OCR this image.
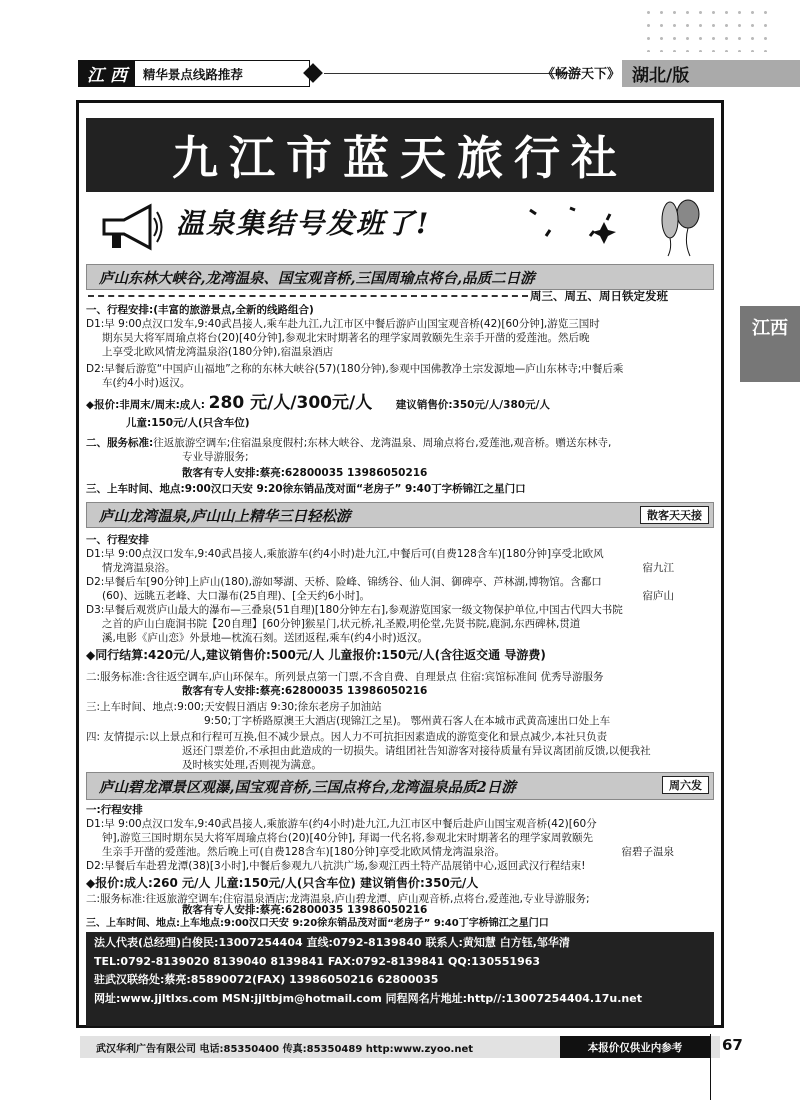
江 西	精华景点线路推荐	《畅游天下》 湖北/版
江西
九江市蓝天旅行社
温泉集结号发班了!
庐山东林大峡谷,龙湾温泉、国宝观音桥,三国周瑜点将台,品质二日游
周三、周五、周日铁定发班
一、行程安排:(丰富的旅游景点,全新的线路组合)
D1:早 9:00点汉口发车,9:40武昌接人,乘车赴九江,九江市区中餐后游庐山国宝观音桥(42)[60分钟],游览三国时
期东吴大将军周瑜点将台(20)[40分钟],参观北宋时期著名的理学家周敦颐先生亲手开凿的爱莲池。然后晚
上享受北欧风情龙湾温泉浴(180分钟),宿温泉酒店
D2:早餐后游览“中国庐山福地”之称的东林大峡谷(57)(180分钟),参观中国佛教净土宗发源地—庐山东林寺;中餐后乘
车(约4小时)返汉。
◆报价:非周末/周末:成人: 280 元/人/300元/人 建议销售价:350元/人/380元/人
儿童:150元/人(只含车位)
二、服务标准:往返旅游空调车;住宿温泉度假村;东林大峡谷、龙湾温泉、周瑜点将台,爱莲池,观音桥。赠送东林寺,
专业导游服务;
散客有专人安排:蔡亮:62800035 13986050216
三、上车时间、地点:9:00汉口天安 9:20徐东销品茂对面“老房子” 9:40丁字桥锦江之星门口
庐山龙湾温泉,庐山山上精华三日轻松游	散客天天接
一、行程安排
D1:早 9:00点汉口发车,9:40武昌接人,乘旅游车(约4小时)赴九江,中餐后可(自费128含车)[180分钟]享受北欧风
情龙湾温泉浴。	宿九江
D2:早餐后车[90分钟]上庐山(180),游如琴湖、天桥、险峰、锦绣谷、仙人洞、御碑亭、芦林湖,博物馆。含鄱口
(60)、远眺五老峰、大口瀑布(25自理)、[全天约6小时]。	宿庐山
D3:早餐后观赏庐山最大的瀑布—三叠泉(51自理)[180分钟左右],参观游览国家一级文物保护单位,中国古代四大书院
之首的庐山白鹿洞书院【20自理】[60分钟]猴星门,状元桥,礼圣殿,明伦堂,先贤书院,鹿洞,东西碑林,贯道
溪,电影《庐山恋》外景地—枕流石刻。送团返程,乘车(约4小时)返汉。
◆同行结算:420元/人,建议销售价:500元/人 儿童报价:150元/人(含往返交通 导游费)
二:服务标准:含往返空调车,庐山环保车。所列景点第一门票,不含自费、自理景点 住宿:宾馆标准间 优秀导游服务
散客有专人安排:蔡亮:62800035 13986050216
三:上车时间、地点:9:00;天安假日酒店 9:30;徐东老房子加油站
9:50;丁字桥路原澳王大酒店(现锦江之星)。 鄂州黄石客人在本城市武黄高速出口处上车
四: 友情提示:以上景点和行程可互换,但不减少景点。因人力不可抗拒因素造成的游览变化和景点减少,本社只负责
返还门票差价,不承担由此造成的一切损失。请组团社告知游客对接待质量有异议离团前反馈,以便我社
及时核实处理,否则视为满意。
庐山碧龙潭景区观瀑,国宝观音桥,三国点将台,龙湾温泉品质2日游	周六发
一:行程安排
D1:早 9:00点汉口发车,9:40武昌接人,乘旅游车(约4小时)赴九江,九江市区中餐后赴庐山国宝观音桥(42)[60分
钟],游览三国时期东吴大将军周瑜点将台(20)[40分钟], 拜谒一代名将,参观北宋时期著名的理学家周敦颐先
生亲手开凿的爱莲池。然后晚上可(自费128含车)[180分钟]享受北欧风情龙湾温泉浴。	宿碧子温泉
D2:早餐后车赴碧龙潭(38)[3小时],中餐后参观九八抗洪广场,参观江西土特产品展销中心,返回武汉行程结束!
◆报价:成人:260 元/人 儿童:150元/人(只含车位) 建议销售价:350元/人
二:服务标准:往返旅游空调车;住宿温泉酒店;龙湾温泉,庐山碧龙潭、庐山观音桥,点将台,爱莲池,专业导游服务;
散客有专人安排:蔡亮:62800035 13986050216
三、上车时间、地点:上车地点:9:00汉口天安 9:20徐东销品茂对面“老房子” 9:40丁字桥锦江之星门口
法人代表(总经理)白俊民:13007254404 直线:0792-8139840 联系人:黄知慧 白方钰,邹华清
TEL:0792-8139020 8139040 8139841 FAX:0792-8139841 QQ:130551963
驻武汉联络处:蔡亮:85890072(FAX) 13986050216 62800035
网址:www.jjltlxs.com MSN:jjltbjm@hotmail.com 同程网名片地址:http//:13007254404.17u.net
武汉华利广告有限公司 电话:85350400 传真:85350489 http:www.zyoo.net	本报价仅供业内参考	67
